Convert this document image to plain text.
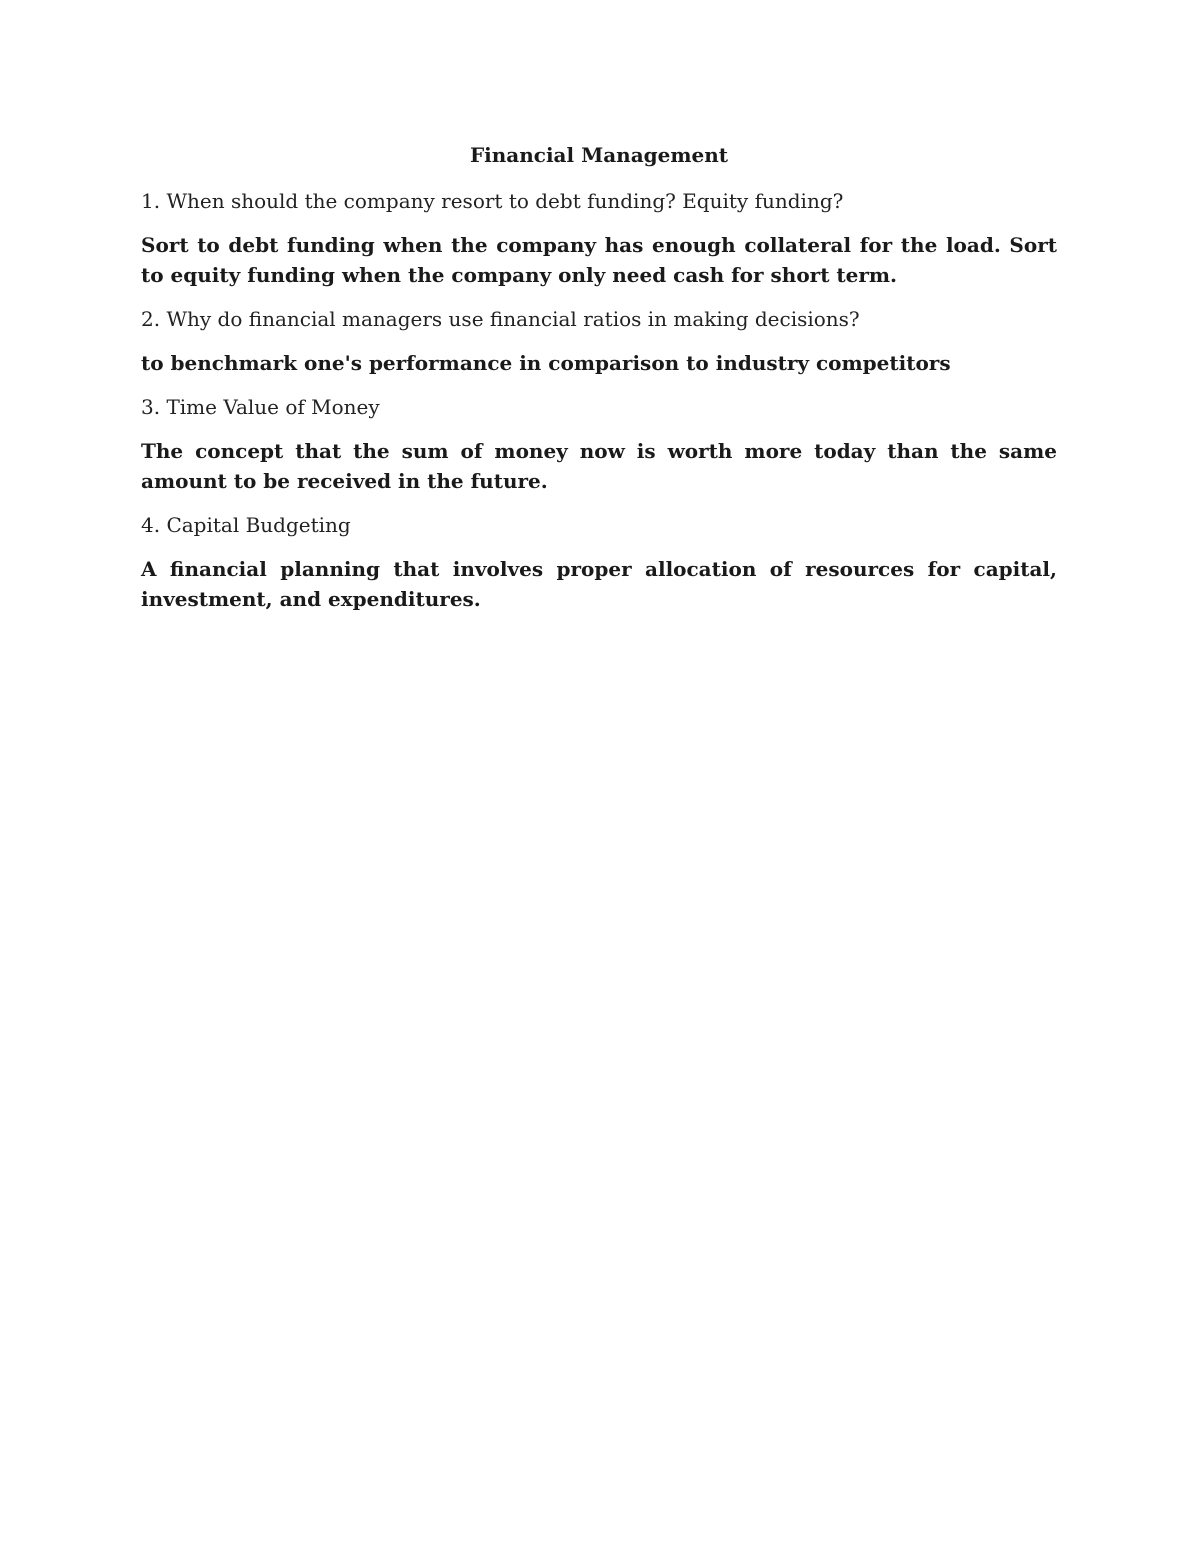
Financial Management
1. When should the company resort to debt funding? Equity funding?
Sort to debt funding when the company has enough collateral for the load. Sort to equity funding when the company only need cash for short term.
2. Why do financial managers use financial ratios in making decisions?
to benchmark one's performance in comparison to industry competitors
3. Time Value of Money
The concept that the sum of money now is worth more today than the same amount to be received in the future.
4. Capital Budgeting
A financial planning that involves proper allocation of resources for capital, investment, and expenditures.
